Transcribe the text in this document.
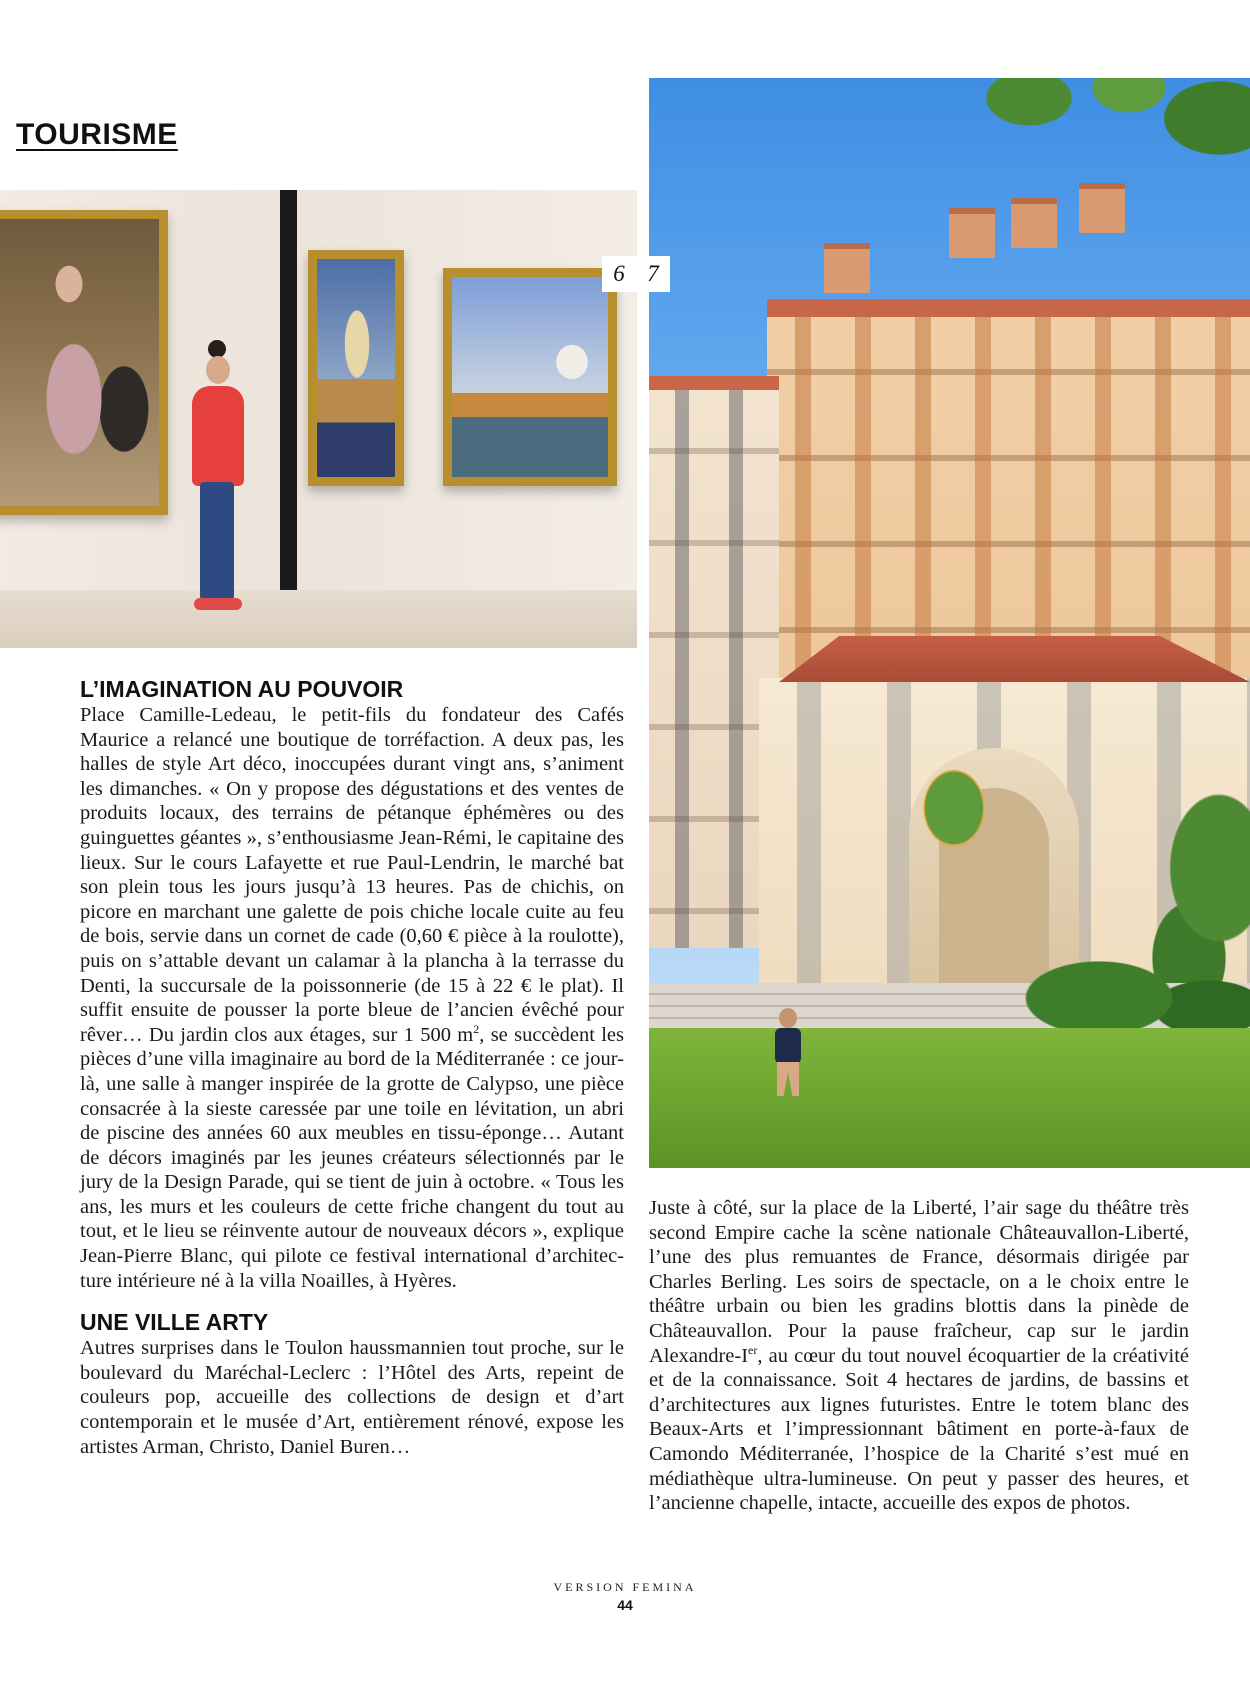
TOURISME
6 7
L’IMAGINATION AU POUVOIR

Place Camille-Ledeau, le petit-fils du fondateur des Cafés Maurice a relancé une boutique de torréfaction. A deux pas, les halles de style Art déco, inoccupées durant vingt ans, s’animent les dimanches. « On y propose des dégustations et des ventes de produits locaux, des terrains de pétanque éphémères ou des guinguettes géantes », s’enthousiasme Jean-Rémi, le capitaine des lieux. Sur le cours Lafayette et rue Paul-Lendrin, le marché bat son plein tous les jours jusqu’à 13 heures. Pas de chichis, on picore en marchant une galette de pois chiche locale cuite au feu de bois, servie dans un cornet de cade (0,60 € pièce à la roulotte), puis on s’attable devant un calamar à la plancha à la terrasse du Denti, la succursale de la poissonnerie (de 15 à 22 € le plat). Il suffit ensuite de pousser la porte bleue de l’ancien évêché pour rêver… Du jardin clos aux étages, sur 1 500 $m^2$, se succèdent les pièces d’une villa imaginaire au bord de la Méditerranée : ce jour-là, une salle à manger inspirée de la grotte de Calypso, une pièce consacrée à la sieste caressée par une toile en lévitation, un abri de piscine des années 60 aux meubles en tissu-éponge… Autant de décors imaginés par les jeunes créateurs sélectionnés par le jury de la Design Parade, qui se tient de juin à octobre. « Tous les ans, les murs et les couleurs de cette friche changent du tout au tout, et le lieu se réinvente autour de nouveaux décors », explique Jean-Pierre Blanc, qui pilote ce festival international d’architecture intérieure né à la villa Noailles, à Hyères.

UNE VILLE ARTY

Autres surprises dans le Toulon haussmannien tout proche, sur le boulevard du Maréchal-Leclerc : l’Hôtel des Arts, repeint de couleurs pop, accueille des collections de design et d’art contemporain et le musée d’Art, entièrement rénové, expose les artistes Arman, Christo, Daniel Buren…

Juste à côté, sur la place de la Liberté, l’air sage du théâtre très second Empire cache la scène nationale Châteauvallon-Liberté, l’une des plus remuantes de France, désormais dirigée par Charles Berling. Les soirs de spectacle, on a le choix entre le théâtre urbain ou bien les gradins blottis dans la pinède de Châteauvallon. Pour la pause fraîcheur, cap sur le jardin Alexandre-Ier, au cœur du tout nouvel écoquartier de la créativité et de la connaissance. Soit 4 hectares de jardins, de bassins et d’architectures aux lignes futuristes. Entre le totem blanc des Beaux-Arts et l’impressionnant bâtiment en porte-à-faux de Camondo Méditerranée, l’hospice de la Charité s’est mué en médiathèque ultra-lumineuse. On peut y passer des heures, et l’ancienne chapelle, intacte, accueille des expos de photos.

VERSION FEMINA
44
